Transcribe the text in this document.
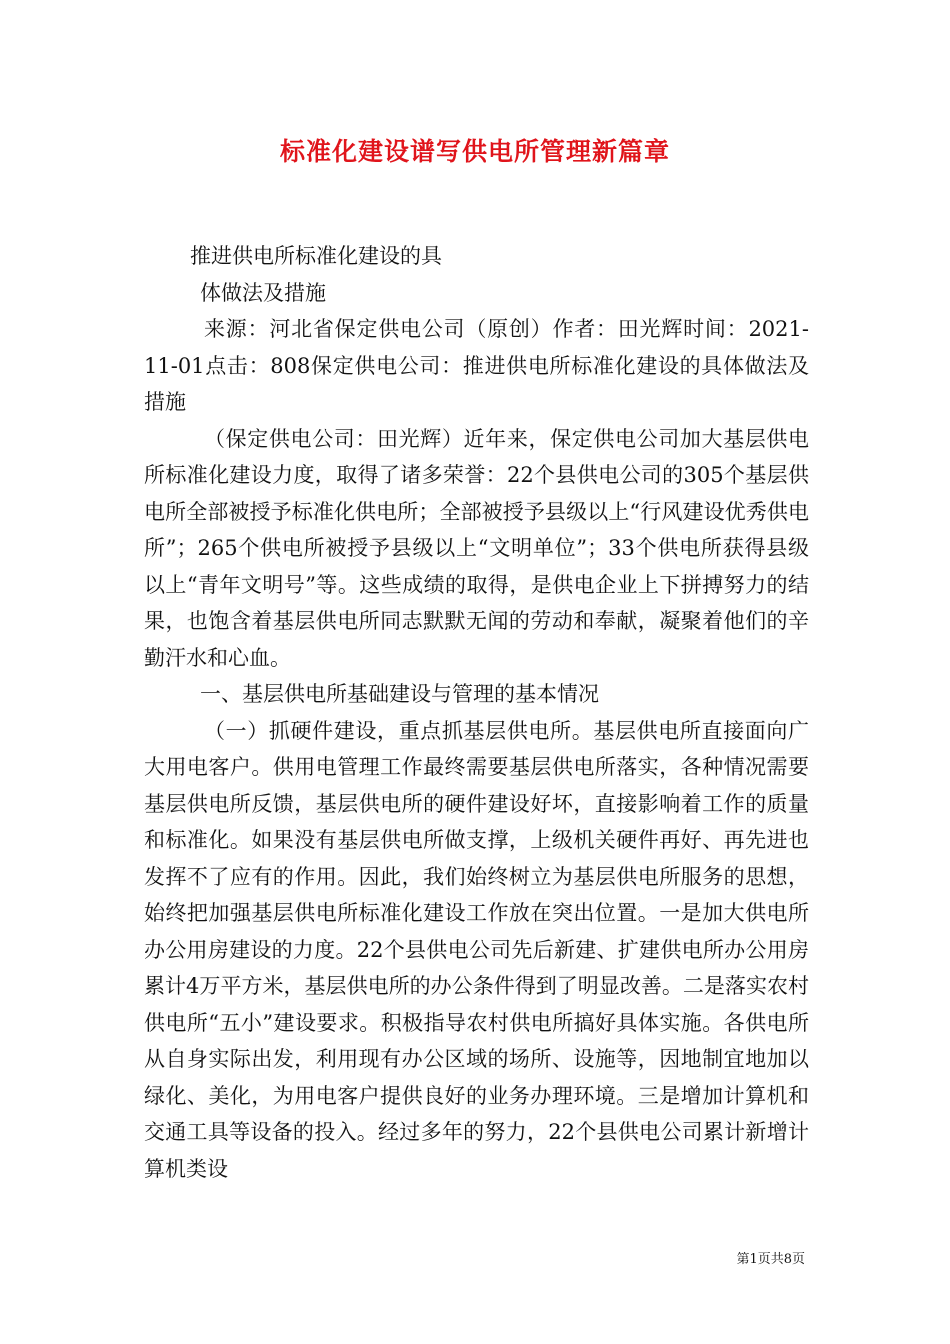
标准化建设谱写供电所管理新篇章

推进供电所标准化建设的具

体做法及措施

来源：河北省保定供电公司（原创）作者：田光辉时间：2021-11-01点击：808保定供电公司：推进供电所标准化建设的具体做法及措施

（保定供电公司：田光辉）近年来，保定供电公司加大基层供电所标准化建设力度，取得了诸多荣誉：22个县供电公司的305个基层供电所全部被授予标准化供电所；全部被授予县级以上“行风建设优秀供电所”；265个供电所被授予县级以上“文明单位”；33个供电所获得县级以上“青年文明号”等。这些成绩的取得，是供电企业上下拼搏努力的结果，也饱含着基层供电所同志默默无闻的劳动和奉献，凝聚着他们的辛勤汗水和心血。

一、基层供电所基础建设与管理的基本情况

（一）抓硬件建设，重点抓基层供电所。基层供电所直接面向广大用电客户。供用电管理工作最终需要基层供电所落实，各种情况需要基层供电所反馈，基层供电所的硬件建设好坏，直接影响着工作的质量和标准化。如果没有基层供电所做支撑，上级机关硬件再好、再先进也发挥不了应有的作用。因此，我们始终树立为基层供电所服务的思想，始终把加强基层供电所标准化建设工作放在突出位置。一是加大供电所办公用房建设的力度。22个县供电公司先后新建、扩建供电所办公用房累计4万平方米，基层供电所的办公条件得到了明显改善。二是落实农村供电所“五小”建设要求。积极指导农村供电所搞好具体实施。各供电所从自身实际出发，利用现有办公区域的场所、设施等，因地制宜地加以绿化、美化，为用电客户提供良好的业务办理环境。三是增加计算机和交通工具等设备的投入。经过多年的努力，22个县供电公司累计新增计算机类设

第1页共8页
